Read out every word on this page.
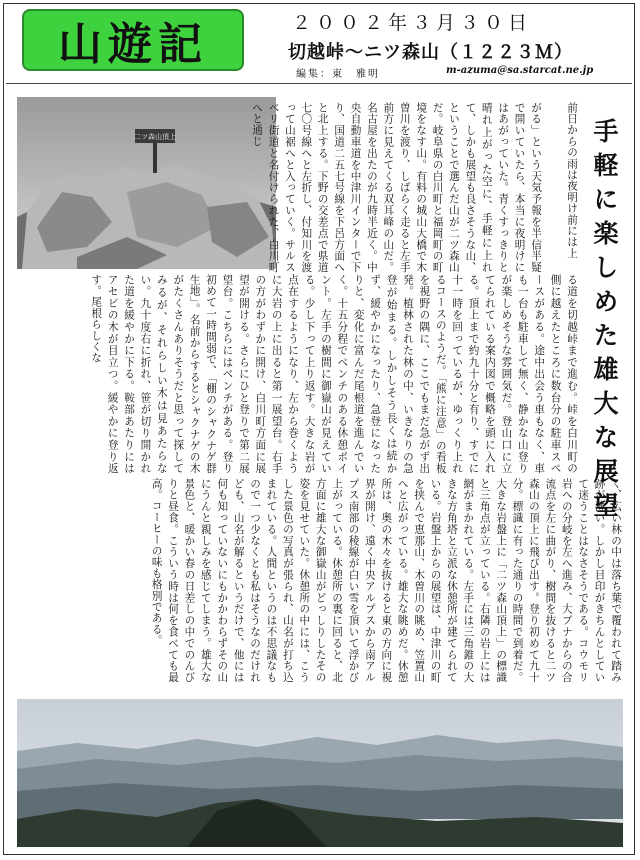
山遊記	２００２年３月３０日
切越峠～ニツ森山（１２２３Ｍ）
編集：東　雅明	m-azuma@sa.starcat.ne.jp
二ツ森山頂上	手軽に楽しめた雄大な展望
前日からの雨は夜明け前には上
がる」という天気予報を半信半疑で開いていたら、本当に夜明けにはあがっていた。青くすっきりと晴れ上がった空に、手軽に上れて、しかも展望も良さそうな山、ということで選んだ山が二ツ森山だ。岐阜県の白川町と福岡町の町境をなす山。有料の城山大橋で木曽川を渡り、しばらく走ると左手前方に見えてくる双耳峰の山だ。名古屋を出たのが九時半近く。中央自動車道を中津川インターで下り、国道二五七号線を下呂方面へと北上する。下野の交差点で県道七〇号線へと左折し、付知川を渡って山裾へと入っていく。サルスベリ街道と名付けられた、白川町へと通じ
る道を切越峠まで進む。峠を白川町の側に越えたところに数台分の駐車スペースがある。途中出会う車もなく、車も一台も駐車して無く、静かな山登りが楽しめそうな雰囲気だ。登山口に立てられている案内図で概略を頭に入れる。頂上まで約九十分と有り、すでに十一時を回っているが、ゆっくり上れるコースのようだ。「熊に注意」の看板を視野の隅に、ここでもまだ急がず出発。植林された林の中、いきなりの急登が始まる。しかしそう長くは続かず、緩やかになったり、急登になったりと、変化に富んだ尾根道を進んでいく。十五分程でベンチのある休憩ポイント。左手の樹間に御嶽山が見えている。少し下って上り返す。大きな岩が点在するようになり、左から巻くように大岩の上に出ると第一展望台。右手の方がわずかに開け、白川町方面に展望が開ける。さらにひと登りで第二展望台。こちらにはベンチがある。登り初めて一時間弱で、「棚のシャクナゲ群生地」。名前からするとシャクナゲの木がたくさんありそうだと思って探してみるが、それらしい木は見あたらない。九十度右に折れ、笹が切り開かれた道を緩やかに下る。鞍部あたりにはアセビの木が目立つ。緩やかに登り返す。尾根らしくな
く、広い林の中は落ち葉で覆われて踏み跡が薄い。しかし目印がきちんとしていて迷うことはなさそうである。コウモリ岩への分岐を左へ進み、大ブナからの合流点を左に曲がり、樹間を抜けると二ツ森山の頂上に飛び出す。登り初めて九十分。標識に有った通りの時間で到着だ。大きな岩盤上に「二ツ森山頂上」の標識と三角点が立っている。右隣の岩上には網がまかれている。左手には三角錐の大きな方角塔と立派な休憩所が建てられている。岩盤上からの展望は、中津川の町を挟んで恵那山、木曽川の眺め、笠置山へと広がっている。雄大な眺めだ。休憩所は、奥の木々を抜けると東の方向に視界が開け、遠く中央アルプスから南アルプス南部の稜線が白い雪を頂いて浮かび上がっている。休憩所の裏に回ると、北方面に雄大な御嶽山がどっしりしたその姿を見せていた。休憩所の中には、こうした景色の写真が張られ、山名が打ち込まれている。人間というのは不思議なもので一つ少なくとも私はそうなのだけれども、山名が解るというだけで、他には何も知っていないにもかかわらずその山にうんと親しみを感じてしまう。雄大な景色と、暖かい春の日差しの中でのんびりと昼食。こういう時は何を食べても最高。コーヒーの味も格別である。
